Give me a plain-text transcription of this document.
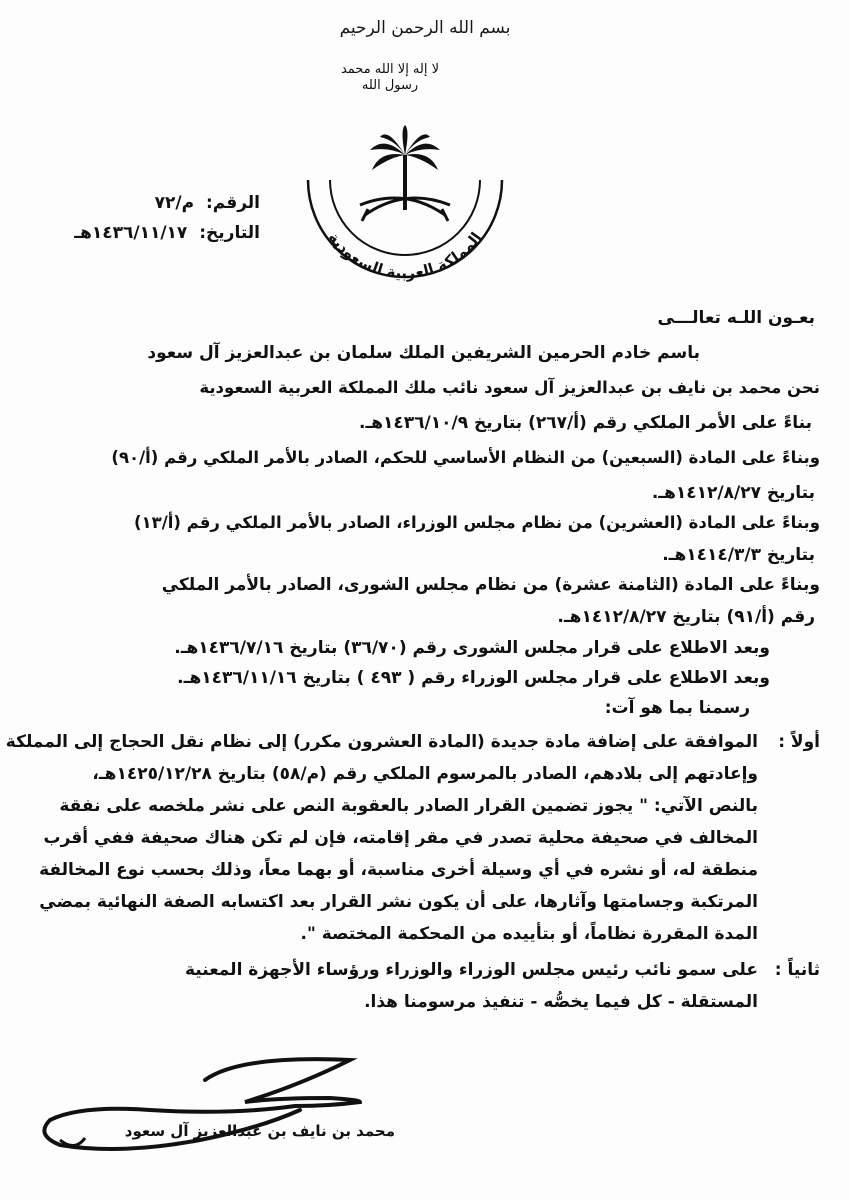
بسم الله الرحمن الرحيم
لا إله إلا الله محمد رسول الله
المملكة العربية السعودية
الرقم: م/٧٢
التاريخ: ١٤٣٦/١١/١٧هـ
بعـون اللـه تعالـــى
باسم خادم الحرمين الشريفين الملك سلمان بن عبدالعزيز آل سعود
نحن محمد بن نايف بن عبدالعزيز آل سعود نائب ملك المملكة العربية السعودية
بناءً على الأمر الملكي رقم (أ/٢٦٧) بتاريخ ١٤٣٦/١٠/٩هـ.
وبناءً على المادة (السبعين) من النظام الأساسي للحكم، الصادر بالأمر الملكي رقم (أ/٩٠)
بتاريخ ١٤١٢/٨/٢٧هـ.
وبناءً على المادة (العشرين) من نظام مجلس الوزراء، الصادر بالأمر الملكي رقم (أ/١٣)
بتاريخ ١٤١٤/٣/٣هـ.
وبناءً على المادة (الثامنة عشرة) من نظام مجلس الشورى، الصادر بالأمر الملكي
رقم (أ/٩١) بتاريخ ١٤١٢/٨/٢٧هـ.
وبعد الاطلاع على قرار مجلس الشورى رقم (٣٦/٧٠) بتاريخ ١٤٣٦/٧/١٦هـ.
وبعد الاطلاع على قرار مجلس الوزراء رقم ( ٤٩٣ ) بتاريخ ١٤٣٦/١١/١٦هـ.
رسمنا بما هو آت:
أولاً :
الموافقة على إضافة مادة جديدة (المادة العشرون مكرر) إلى نظام نقل الحجاج إلى المملكة
وإعادتهم إلى بلادهم، الصادر بالمرسوم الملكي رقم (م/٥٨) بتاريخ ١٤٢٥/١٢/٢٨هـ،
بالنص الآتي: " يجوز تضمين القرار الصادر بالعقوبة النص على نشر ملخصه على نفقة
المخالف في صحيفة محلية تصدر في مقر إقامته، فإن لم تكن هناك صحيفة ففي أقرب
منطقة له، أو نشره في أي وسيلة أخرى مناسبة، أو بهما معاً، وذلك بحسب نوع المخالفة
المرتكبة وجسامتها وآثارها، على أن يكون نشر القرار بعد اكتسابه الصفة النهائية بمضي
المدة المقررة نظاماً، أو بتأييده من المحكمة المختصة ".
ثانياً :
على سمو نائب رئيس مجلس الوزراء والوزراء ورؤساء الأجهزة المعنية
المستقلة - كل فيما يخصُّه - تنفيذ مرسومنا هذا.
محمد بن نايف بن عبدالعزيز آل سعود
